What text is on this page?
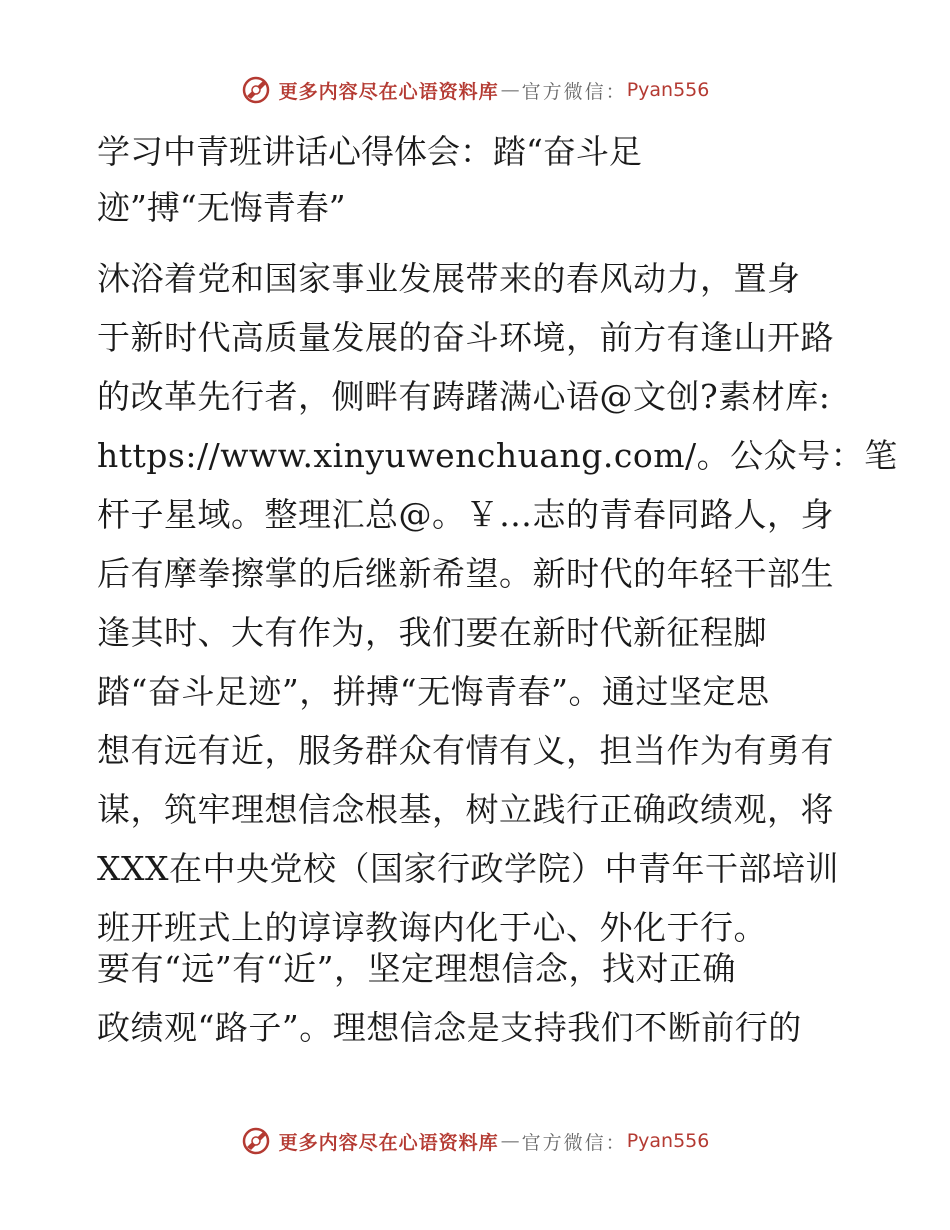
更多内容尽在心语资料库 — 官方微信： Pyan556
学习中青班讲话心得体会：踏“奋斗足
迹”搏“无悔青春”
沐浴着党和国家事业发展带来的春风动力，置身
于新时代高质量发展的奋斗环境，前方有逢山开路
的改革先行者，侧畔有踌躇满心语@文创?素材库:
https://www.xinyuwenchuang.com/。公众号：笔
杆子星域。整理汇总@。￥…志的青春同路人，身
后有摩拳擦掌的后继新希望。新时代的年轻干部生
逢其时、大有作为，我们要在新时代新征程脚
踏“奋斗足迹”，拼搏“无悔青春”。通过坚定思
想有远有近，服务群众有情有义，担当作为有勇有
谋，筑牢理想信念根基，树立践行正确政绩观，将
XXX在中央党校（国家行政学院）中青年干部培训
班开班式上的谆谆教诲内化于心、外化于行。
要有“远”有“近”，坚定理想信念，找对正确
政绩观“路子”。理想信念是支持我们不断前行的
更多内容尽在心语资料库 — 官方微信： Pyan556
